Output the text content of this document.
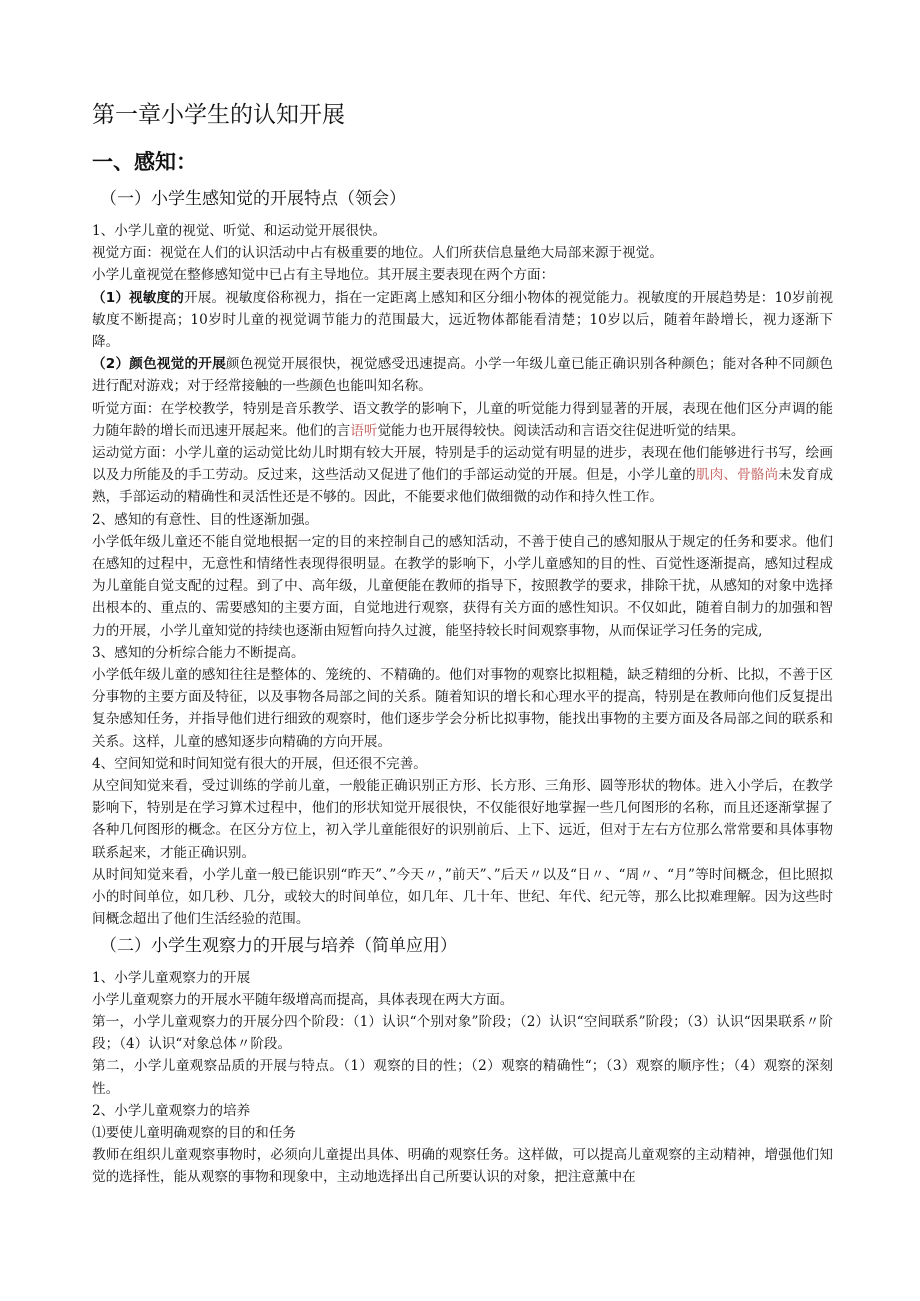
第一章小学生的认知开展
一、感知：
（一）小学生感知觉的开展特点（领会）

1、小学儿童的视觉、听觉、和运动觉开展很快。

视觉方面：视觉在人们的认识活动中占有极重要的地位。人们所获信息量绝大局部来源于视觉。

小学儿童视觉在整修感知觉中已占有主导地位。其开展主要表现在两个方面：

（1）视敏度的开展。视敏度俗称视力，指在一定距离上感知和区分细小物体的视觉能力。视敏度的开展趋势是：10岁前视敏度不断提高；10岁时儿童的视觉调节能力的范围最大，远近物体都能看清楚；10岁以后，随着年龄增长，视力逐渐下降。

（2）颜色视觉的开展颜色视觉开展很快，视觉感受迅速提高。小学一年级儿童已能正确识别各种颜色；能对各种不同颜色进行配对游戏；对于经常接触的一些颜色也能叫知名称。

听觉方面：在学校教学，特别是音乐教学、语文教学的影响下，儿童的听觉能力得到显著的开展，表现在他们区分声调的能力随年龄的增长而迅速开展起来。他们的言语听觉能力也开展得较快。阅读活动和言语交往促进听觉的结果。

运动觉方面：小学儿童的运动觉比幼儿时期有较大开展，特别是手的运动觉有明显的进步，表现在他们能够进行书写，绘画以及力所能及的手工劳动。反过来，这些活动又促进了他们的手部运动觉的开展。但是，小学儿童的肌肉、骨骼尚未发育成熟，手部运动的精确性和灵活性还是不够的。因此，不能要求他们做细微的动作和持久性工作。

2、感知的有意性、目的性逐渐加强。

小学低年级儿童还不能自觉地根据一定的目的来控制自己的感知活动，不善于使自己的感知服从于规定的任务和要求。他们在感知的过程中，无意性和情绪性表现得很明显。在教学的影响下，小学儿童感知的目的性、百觉性逐渐提高，感知过程成为儿童能自觉支配的过程。到了中、高年级，儿童便能在教师的指导下，按照教学的要求，排除干扰，从感知的对象中选择出根本的、重点的、需要感知的主要方面，自觉地进行观察，获得有关方面的感性知识。不仅如此，随着自制力的加强和智力的开展，小学儿童知觉的持续也逐渐由短暂向持久过渡，能坚持较长时间观察事物，从而保证学习任务的完成,

3、感知的分析综合能力不断提高。

小学低年级儿童的感知往往是整体的、笼统的、不精确的。他们对事物的观察比拟粗糙，缺乏精细的分析、比拟，不善于区分事物的主要方面及特征，以及事物各局部之间的关系。随着知识的增长和心理水平的提高，特别是在教师向他们反复提出复杂感知任务，并指导他们进行细致的观察时，他们逐步学会分析比拟事物，能找出事物的主要方面及各局部之间的联系和关系。这样，儿童的感知逐步向精确的方向开展。

4、空间知觉和时间知觉有很大的开展，但还很不完善。

从空间知觉来看，受过训练的学前儿童，一般能正确识别正方形、长方形、三角形、圆等形状的物体。进入小学后，在教学影响下，特别是在学习算术过程中，他们的形状知觉开展很快，不仅能很好地掌握一些几何图形的名称，而且还逐渐掌握了各种几何图形的概念。在区分方位上，初入学儿童能很好的识别前后、上下、远近，但对于左右方位那么常常要和具体事物联系起来，才能正确识别。

从时间知觉来看，小学儿童一般已能识别“昨天”、”今天〃，”前天”、”后天〃以及“日〃、“周〃、“月”等时间概念，但比照拟小的时间单位，如几秒、几分，或较大的时间单位，如几年、几十年、世纪、年代、纪元等，那么比拟难理解。因为这些时间概念超出了他们生活经验的范围。

（二）小学生观察力的开展与培养（简单应用）

1、小学儿童观察力的开展

小学儿童观察力的开展水平随年级增高而提高，具体表现在两大方面。

第一，小学儿童观察力的开展分四个阶段：（1）认识“个别对象”阶段；（2）认识“空间联系”阶段；（3）认识“因果联系〃阶段；（4）认识“对象总体〃阶段。

第二，小学儿童观察品质的开展与特点。（1）观察的目的性；（2）观察的精确性“；（3）观察的顺序性；（4）观察的深刻性。

2、小学儿童观察力的培养

⑴要使儿童明确观察的目的和任务

教师在组织儿童观察事物时，必须向儿童提出具体、明确的观察任务。这样做，可以提高儿童观察的主动精神，增强他们知觉的选择性，能从观察的事物和现象中，主动地选择出自己所要认识的对象，把注意薰中在
